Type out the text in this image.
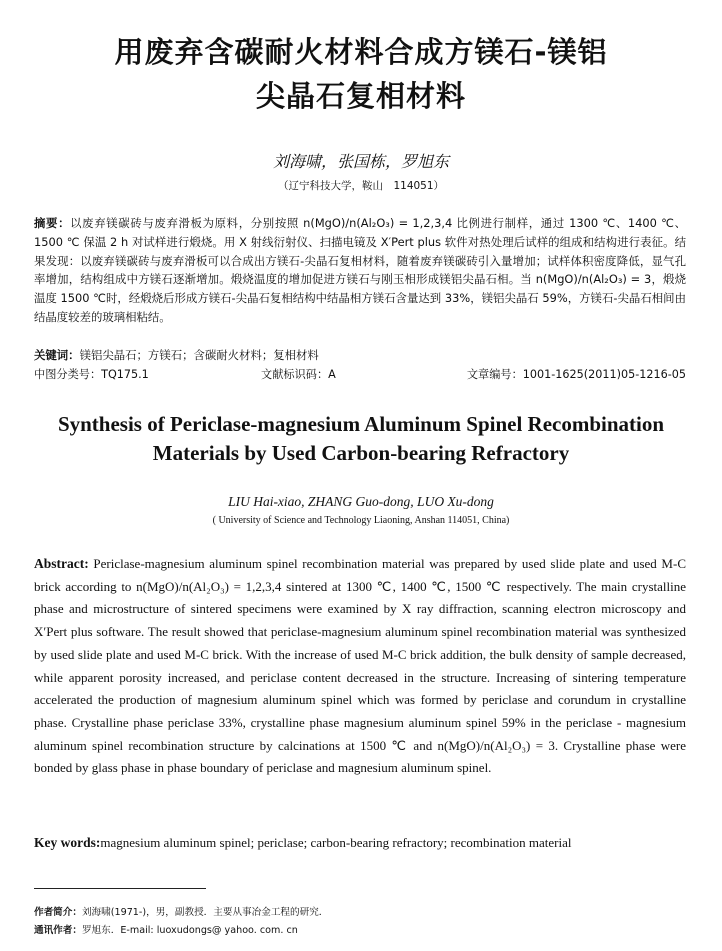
用废弃含碳耐火材料合成方镁石-镁铝
尖晶石复相材料
刘海啸，张国栋，罗旭东
（辽宁科技大学，鞍山　114051）
摘要：以废弃镁碳砖与废弃滑板为原料，分别按照 n(MgO)/n(Al₂O₃) = 1,2,3,4 比例进行制样，通过 1300 ℃、1400 ℃、1500 ℃ 保温 2 h 对试样进行煅烧。用 X 射线衍射仪、扫描电镜及 X′Pert plus 软件对热处理后试样的组成和结构进行表征。结果发现：以废弃镁碳砖与废弃滑板可以合成出方镁石-尖晶石复相材料，随着废弃镁碳砖引入量增加；试样体积密度降低，显气孔率增加，结构组成中方镁石逐渐增加。煅烧温度的增加促进方镁石与刚玉相形成镁铝尖晶石相。当 n(MgO)/n(Al₂O₃) = 3，煅烧温度 1500 ℃时，经煅烧后形成方镁石-尖晶石复相结构中结晶相方镁石含量达到 33%，镁铝尖晶石 59%，方镁石-尖晶石相间由结晶度较差的玻璃相粘结。
关键词：镁铝尖晶石；方镁石；含碳耐火材料；复相材料
中图分类号：TQ175.1	文献标识码：A	文章编号：1001-1625(2011)05-1216-05
Synthesis of Periclase-magnesium Aluminum Spinel Recombination
Materials by Used Carbon-bearing Refractory
LIU Hai-xiao, ZHANG Guo-dong, LUO Xu-dong
( University of Science and Technology Liaoning, Anshan 114051, China)
Abstract: Periclase-magnesium aluminum spinel recombination material was prepared by used slide plate and used M-C brick according to n(MgO)/n(Al₂O₃) = 1,2,3,4 sintered at 1300 ℃, 1400 ℃, 1500 ℃ respectively. The main crystalline phase and microstructure of sintered specimens were examined by X ray diffraction, scanning electron microscopy and X′Pert plus software. The result showed that periclase-magnesium aluminum spinel recombination material was synthesized by used slide plate and used M-C brick. With the increase of used M-C brick addition, the bulk density of sample decreased, while apparent porosity increased, and periclase content decreased in the structure. Increasing of sintering temperature accelerated the production of magnesium aluminum spinel which was formed by periclase and corundum in crystalline phase. Crystalline phase periclase 33%, crystalline phase magnesium aluminum spinel 59% in the periclase - magnesium aluminum spinel recombination structure by calcinations at 1500 ℃ and n(MgO)/n(Al₂O₃) = 3. Crystalline phase were bonded by glass phase in phase boundary of periclase and magnesium aluminum spinel.
Key words:magnesium aluminum spinel; periclase; carbon-bearing refractory; recombination material
作者简介：刘海啸(1971-)，男，副教授．主要从事冶金工程的研究．
通讯作者：罗旭东．E-mail: luoxudongs@ yahoo. com. cn
